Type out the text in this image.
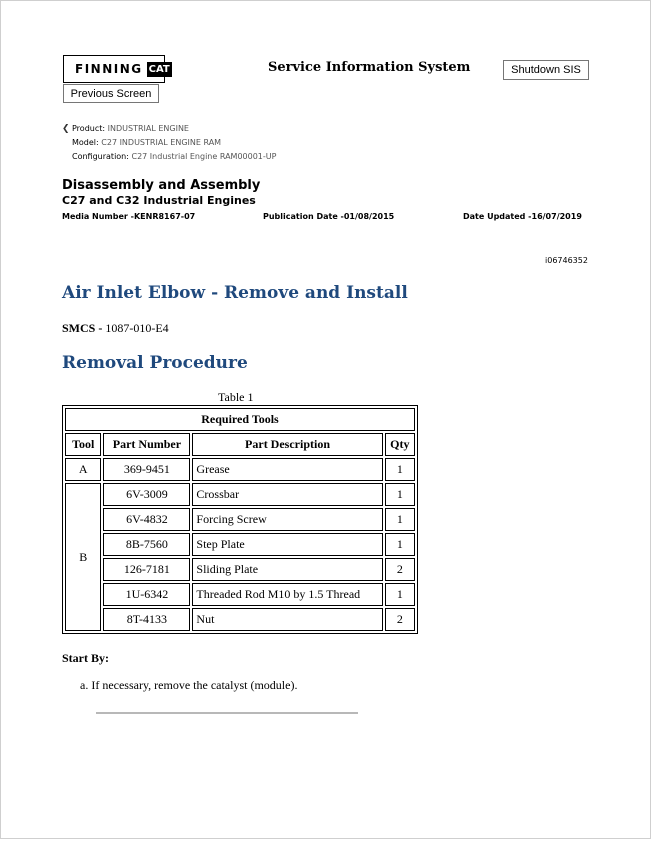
FINNING CAT	Service Information System	Shutdown SIS
Previous Screen
❮ Product: INDUSTRIAL ENGINE
Model: C27 INDUSTRIAL ENGINE RAM
Configuration: C27 Industrial Engine RAM00001-UP
Disassembly and Assembly
C27 and C32 Industrial Engines
Media Number -KENR8167-07	Publication Date -01/08/2015	Date Updated -16/07/2019
i06746352
Air Inlet Elbow - Remove and Install
SMCS - 1087-010-E4
Removal Procedure
Table 1
Required Tools			
Tool	Part Number	Part Description	Qty
A	369-9451	Grease	1
B	6V-3009	Crossbar	1
	6V-4832	Forcing Screw	1
	8B-7560	Step Plate	1
	126-7181	Sliding Plate	2
	1U-6342	Threaded Rod M10 by 1.5 Thread	1
	8T-4133	Nut	2
Start By:
a. If necessary, remove the catalyst (module).
